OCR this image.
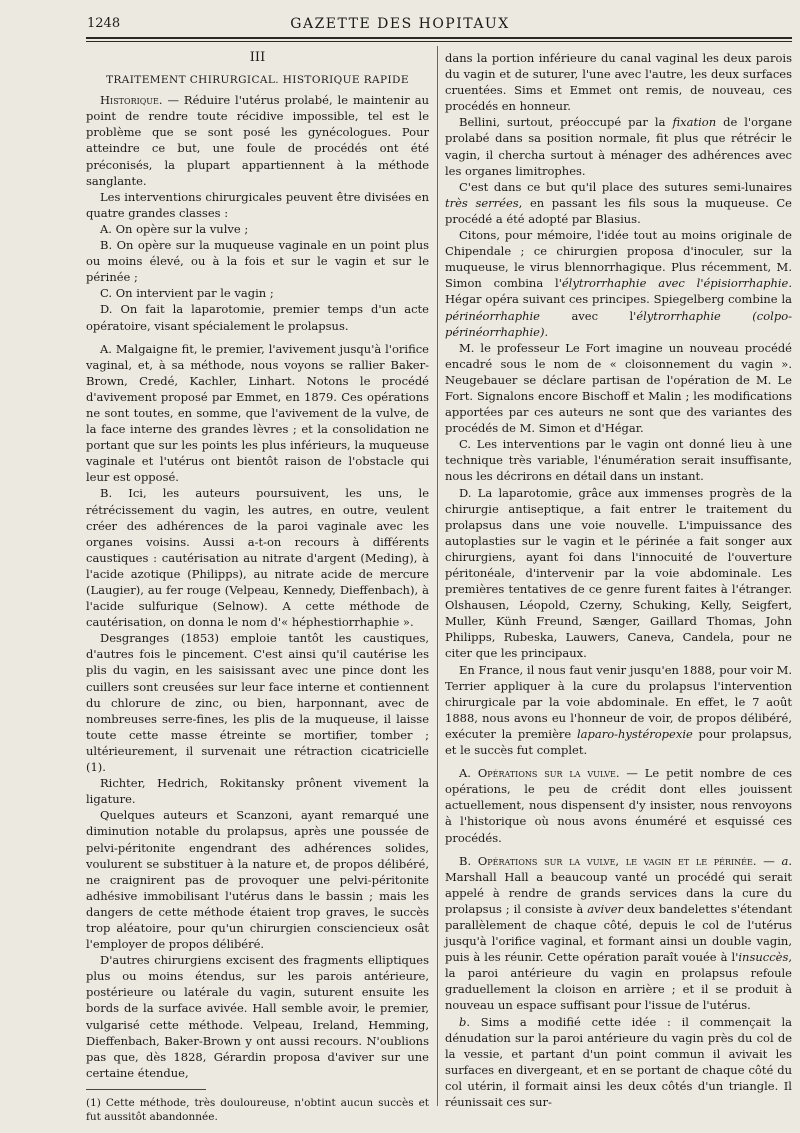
1248	GAZETTE DES HOPITAUX
III
TRAITEMENT CHIRURGICAL. HISTORIQUE RAPIDE

Historique. — Réduire l'utérus prolabé, le maintenir au point de rendre toute récidive impossible, tel est le problème que se sont posé les gynécologues. Pour atteindre ce but, une foule de procédés ont été préconisés, la plupart appartiennent à la méthode sanglante.

Les interventions chirurgicales peuvent être divisées en quatre grandes classes :

A. On opère sur la vulve ;

B. On opère sur la muqueuse vaginale en un point plus ou moins élevé, ou à la fois et sur le vagin et sur le périnée ;

C. On intervient par le vagin ;

D. On fait la laparotomie, premier temps d'un acte opératoire, visant spécialement le prolapsus.

A. Malgaigne fit, le premier, l'avivement jusqu'à l'orifice vaginal, et, à sa méthode, nous voyons se rallier Baker-Brown, Credé, Kachler, Linhart. Notons le procédé d'avivement proposé par Emmet, en 1879. Ces opérations ne sont toutes, en somme, que l'avivement de la vulve, de la face interne des grandes lèvres ; et la consolidation ne portant que sur les points les plus inférieurs, la muqueuse vaginale et l'utérus ont bientôt raison de l'obstacle qui leur est opposé.

B. Ici, les auteurs poursuivent, les uns, le rétrécissement du vagin, les autres, en outre, veulent créer des adhérences de la paroi vaginale avec les organes voisins. Aussi a-t-on recours à différents caustiques : cautérisation au nitrate d'argent (Meding), à l'acide azotique (Philipps), au nitrate acide de mercure (Laugier), au fer rouge (Velpeau, Kennedy, Dieffenbach), à l'acide sulfurique (Selnow). A cette méthode de cautérisation, on donna le nom d'« héphestiorrhaphie ».

Desgranges (1853) emploie tantôt les caustiques, d'autres fois le pincement. C'est ainsi qu'il cautérise les plis du vagin, en les saisissant avec une pince dont les cuillers sont creusées sur leur face interne et contiennent du chlorure de zinc, ou bien, harponnant, avec de nombreuses serre-fines, les plis de la muqueuse, il laisse toute cette masse étreinte se mortifier, tomber ; ultérieurement, il survenait une rétraction cicatricielle (1).

Richter, Hedrich, Rokitansky prônent vivement la ligature.

Quelques auteurs et Scanzoni, ayant remarqué une diminution notable du prolapsus, après une poussée de pelvi-péritonite engendrant des adhérences solides, voulurent se substituer à la nature et, de propos délibéré, ne craignirent pas de provoquer une pelvi-péritonite adhésive immobilisant l'utérus dans le bassin ; mais les dangers de cette méthode étaient trop graves, le succès trop aléatoire, pour qu'un chirurgien consciencieux osât l'employer de propos délibéré.

D'autres chirurgiens excisent des fragments elliptiques plus ou moins étendus, sur les parois antérieure, postérieure ou latérale du vagin, suturent ensuite les bords de la surface avivée. Hall semble avoir, le premier, vulgarisé cette méthode. Velpeau, Ireland, Hemming, Dieffenbach, Baker-Brown y ont aussi recours. N'oublions pas que, dès 1828, Gérardin proposa d'aviver sur une certaine étendue,

(1) Cette méthode, très douloureuse, n'obtint aucun succès et fut aussitôt abandonnée.

dans la portion inférieure du canal vaginal les deux parois du vagin et de suturer, l'une avec l'autre, les deux surfaces cruentées. Sims et Emmet ont remis, de nouveau, ces procédés en honneur.

Bellini, surtout, préoccupé par la fixation de l'organe prolabé dans sa position normale, fit plus que rétrécir le vagin, il chercha surtout à ménager des adhérences avec les organes limitrophes.

C'est dans ce but qu'il place des sutures semi-lunaires très serrées, en passant les fils sous la muqueuse. Ce procédé a été adopté par Blasius.

Citons, pour mémoire, l'idée tout au moins originale de Chipendale ; ce chirurgien proposa d'inoculer, sur la muqueuse, le virus blennorrhagique. Plus récemment, M. Simon combina l'élytrorrhaphie avec l'épisiorrhaphie. Hégar opéra suivant ces principes. Spiegelberg combine la périnéorrhaphie avec l'élytrorrhaphie (colpo-périnéorrhaphie).

M. le professeur Le Fort imagine un nouveau procédé encadré sous le nom de « cloisonnement du vagin ». Neugebauer se déclare partisan de l'opération de M. Le Fort. Signalons encore Bischoff et Malin ; les modifications apportées par ces auteurs ne sont que des variantes des procédés de M. Simon et d'Hégar.

C. Les interventions par le vagin ont donné lieu à une technique très variable, l'énumération serait insuffisante, nous les décrirons en détail dans un instant.

D. La laparotomie, grâce aux immenses progrès de la chirurgie antiseptique, a fait entrer le traitement du prolapsus dans une voie nouvelle. L'impuissance des autoplasties sur le vagin et le périnée a fait songer aux chirurgiens, ayant foi dans l'innocuité de l'ouverture péritonéale, d'intervenir par la voie abdominale. Les premières tentatives de ce genre furent faites à l'étranger. Olshausen, Léopold, Czerny, Schuking, Kelly, Seigfert, Muller, Künh Freund, Sænger, Gaillard Thomas, John Philipps, Rubeska, Lauwers, Caneva, Candela, pour ne citer que les principaux.

En France, il nous faut venir jusqu'en 1888, pour voir M. Terrier appliquer à la cure du prolapsus l'intervention chirurgicale par la voie abdominale. En effet, le 7 août 1888, nous avons eu l'honneur de voir, de propos délibéré, exécuter la première laparo-hystéropexie pour prolapsus, et le succès fut complet.

A. Opérations sur la vulve. — Le petit nombre de ces opérations, le peu de crédit dont elles jouissent actuellement, nous dispensent d'y insister, nous renvoyons à l'historique où nous avons énuméré et esquissé ces procédés.

B. Opérations sur la vulve, le vagin et le périnée. — a. Marshall Hall a beaucoup vanté un procédé qui serait appelé à rendre de grands services dans la cure du prolapsus ; il consiste à aviver deux bandelettes s'étendant parallèlement de chaque côté, depuis le col de l'utérus jusqu'à l'orifice vaginal, et formant ainsi un double vagin, puis à les réunir. Cette opération paraît vouée à l'insuccès, la paroi antérieure du vagin en prolapsus refoule graduellement la cloison en arrière ; et il se produit à nouveau un espace suffisant pour l'issue de l'utérus.

b. Sims a modifié cette idée : il commençait la dénudation sur la paroi antérieure du vagin près du col de la vessie, et partant d'un point commun il avivait les surfaces en divergeant, et en se portant de chaque côté du col utérin, il formait ainsi les deux côtés d'un triangle. Il réunissait ces sur-
